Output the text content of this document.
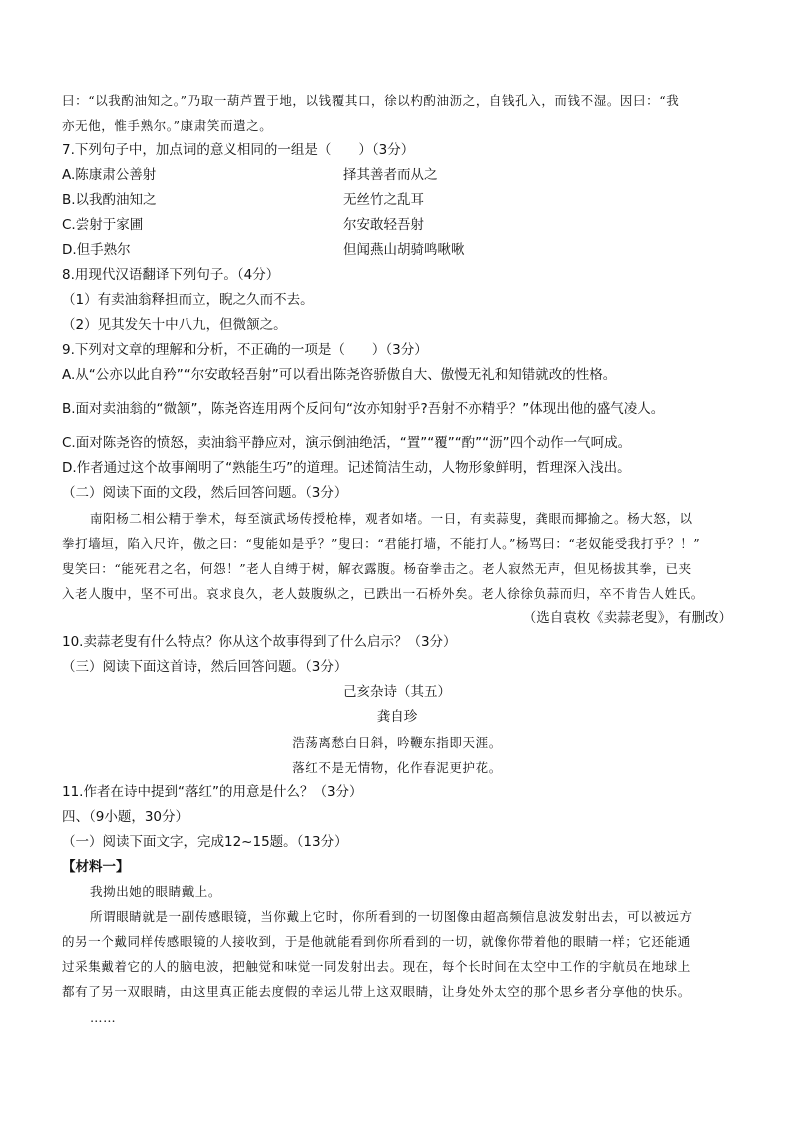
曰：“以我酌油知之。”乃取一葫芦置于地，以钱覆其口，徐以杓酌油沥之，自钱孔入，而钱不湿。因曰：“我
亦无他，惟手熟尔。”康肃笑而遣之。
7.下列句子中，加点词的意义相同的一组是（　　）（3分）
A.陈康肃公善射	择其善者而从之
B.以我酌油知之	无丝竹之乱耳
C.尝射于家圃	尔安敢轻吾射
D.但手熟尔	但闻燕山胡骑鸣啾啾
8.用现代汉语翻译下列句子。（4分）
（1）有卖油翁释担而立，睨之久而不去。
（2）见其发矢十中八九，但微颔之。
9.下列对文章的理解和分析，不正确的一项是（　　）（3分）
A.从“公亦以此自矜”“尔安敢轻吾射”可以看出陈尧咨骄傲自大、傲慢无礼和知错就改的性格。
B.面对卖油翁的“微颔”，陈尧咨连用两个反问句“汝亦知射乎?吾射不亦精乎？”体现出他的盛气凌人。
C.面对陈尧咨的愤怒，卖油翁平静应对，演示倒油绝活，“置”“覆”“酌”“沥”四个动作一气呵成。
D.作者通过这个故事阐明了“熟能生巧”的道理。记述简洁生动，人物形象鲜明，哲理深入浅出。
（二）阅读下面的文段，然后回答问题。（3分）
南阳杨二相公精于拳术，每至演武场传授枪棒，观者如堵。一日，有卖蒜叟，龚眼而揶揄之。杨大怒，以
拳打墙垣，陷入尺许，傲之曰：“叟能如是乎？”叟曰：“君能打墙，不能打人。”杨骂曰：“老奴能受我打乎？！”
叟笑曰：“能死君之名，何怨！”老人自缚于树，解衣露腹。杨奋拳击之。老人寂然无声，但见杨拔其拳，已夹
入老人腹中，坚不可出。哀求良久，老人鼓腹纵之，已跌出一石桥外矣。老人徐徐负蒜而归，卒不肯告人姓氏。
（选自袁枚《卖蒜老叟》，有删改）
10.卖蒜老叟有什么特点？你从这个故事得到了什么启示？（3分）
（三）阅读下面这首诗，然后回答问题。（3分）
己亥杂诗（其五）
龚自珍
浩荡离愁白日斜，吟鞭东指即天涯。
落红不是无情物，化作春泥更护花。
11.作者在诗中提到“落红”的用意是什么？（3分）
四、（9小题，30分）
（一）阅读下面文字，完成12~15题。（13分）
【材料一】
我拗出她的眼睛戴上。
所谓眼睛就是一副传感眼镜，当你戴上它时，你所看到的一切图像由超高频信息波发射出去，可以被远方
的另一个戴同样传感眼镜的人接收到，于是他就能看到你所看到的一切，就像你带着他的眼睛一样；它还能通
过采集戴着它的人的脑电波，把触觉和味觉一同发射出去。现在，每个长时间在太空中工作的宇航员在地球上
都有了另一双眼睛，由这里真正能去度假的幸运儿带上这双眼睛，让身处外太空的那个思乡者分享他的快乐。
……
